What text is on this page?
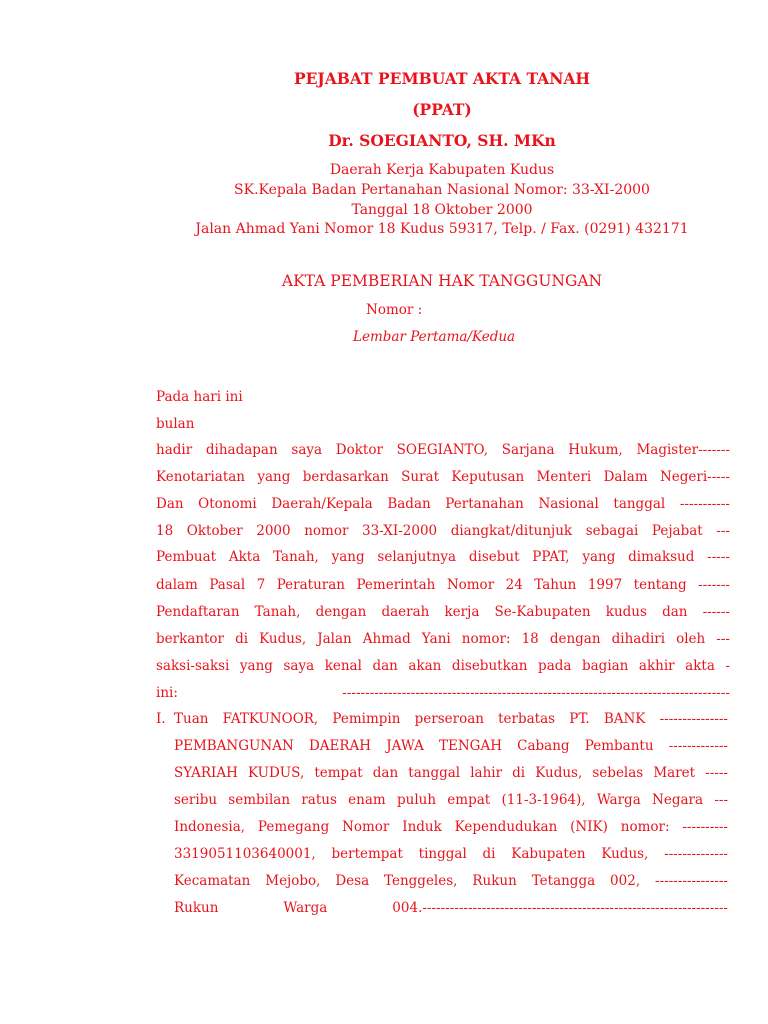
PEJABAT PEMBUAT AKTA TANAH
(PPAT)
Dr. SOEGIANTO, SH. MKn
Daerah Kerja Kabupaten Kudus
SK.Kepala Badan Pertanahan Nasional Nomor: 33-XI-2000
Tanggal 18 Oktober 2000
Jalan Ahmad Yani Nomor 18 Kudus 59317, Telp. / Fax. (0291) 432171
AKTA PEMBERIAN HAK TANGGUNGAN
Nomor :
Lembar Pertama/Kedua
Pada hari ini
bulan
hadir dihadapan saya Doktor SOEGIANTO, Sarjana Hukum, Magister-------
Kenotariatan yang berdasarkan Surat Keputusan Menteri Dalam Negeri-----
Dan Otonomi Daerah/Kepala Badan Pertanahan Nasional tanggal -----------
18 Oktober 2000 nomor 33-XI-2000 diangkat/ditunjuk sebagai Pejabat ---
Pembuat Akta Tanah, yang selanjutnya disebut PPAT, yang dimaksud -----
dalam Pasal 7 Peraturan Pemerintah Nomor 24 Tahun 1997 tentang -------
Pendaftaran Tanah, dengan daerah kerja Se-Kabupaten kudus dan ------
berkantor di Kudus, Jalan Ahmad Yani nomor: 18 dengan dihadiri oleh ---
saksi-saksi yang saya kenal dan akan disebutkan pada bagian akhir akta -
ini: -------------------------------------------------------------------------------------
I. Tuan FATKUNOOR, Pemimpin perseroan terbatas PT. BANK ---------------
PEMBANGUNAN DAERAH JAWA TENGAH Cabang Pembantu -------------
SYARIAH KUDUS, tempat dan tanggal lahir di Kudus, sebelas Maret -----
seribu sembilan ratus enam puluh empat (11-3-1964), Warga Negara ---
Indonesia, Pemegang Nomor Induk Kependudukan (NIK) nomor: ----------
3319051103640001, bertempat tinggal di Kabupaten Kudus, --------------
Kecamatan Mejobo, Desa Tenggeles, Rukun Tetangga 002, ----------------
Rukun Warga 004.-------------------------------------------------------------------
